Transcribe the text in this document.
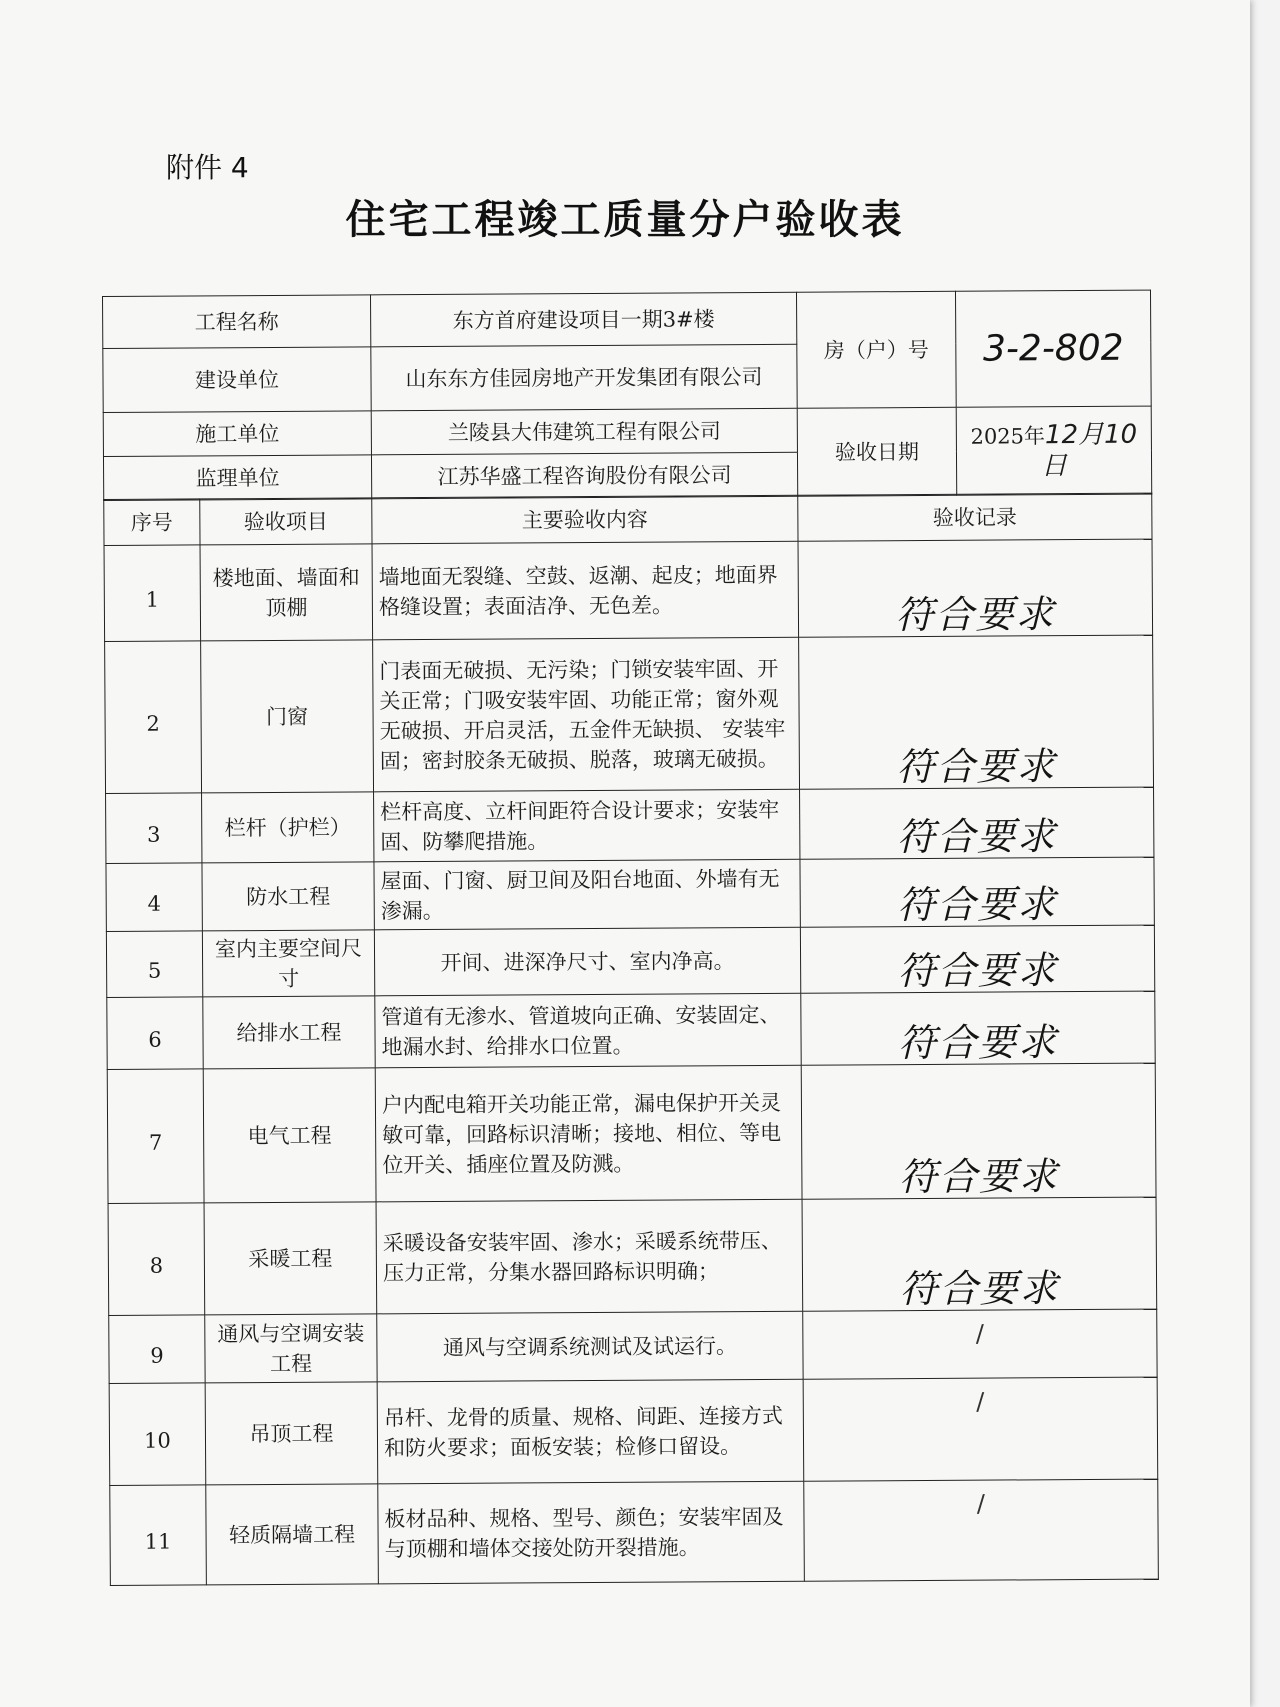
附件 4
住宅工程竣工质量分户验收表
工程名称	东方首府建设项目一期3#楼	房（户）号	3-2-802
建设单位	山东东方佳园房地产开发集团有限公司		
施工单位	兰陵县大伟建筑工程有限公司	验收日期	2025年12月10日
监理单位	江苏华盛工程咨询股份有限公司		
序号	验收项目	主要验收内容	验收记录
1	楼地面、墙面和顶棚	墙地面无裂缝、空鼓、返潮、起皮；地面界格缝设置；表面洁净、无色差。	符合要求
2	门窗	门表面无破损、无污染；门锁安装牢固、开关正常；门吸安装牢固、功能正常；窗外观无破损、开启灵活，五金件无缺损、 安装牢固；密封胶条无破损、脱落，玻璃无破损。	符合要求
3	栏杆（护栏）	栏杆高度、立杆间距符合设计要求；安装牢固、防攀爬措施。	符合要求
4	防水工程	屋面、门窗、厨卫间及阳台地面、外墙有无渗漏。	符合要求
5	室内主要空间尺寸	开间、进深净尺寸、室内净高。	符合要求
6	给排水工程	管道有无渗水、管道坡向正确、安装固定、地漏水封、给排水口位置。	符合要求
7	电气工程	户内配电箱开关功能正常，漏电保护开关灵敏可靠，回路标识清晰；接地、相位、等电位开关、插座位置及防溅。	符合要求
8	采暖工程	采暖设备安装牢固、渗水；采暖系统带压、压力正常，分集水器回路标识明确；	符合要求
9	通风与空调安装工程	通风与空调系统测试及试运行。	/
10	吊顶工程	吊杆、龙骨的质量、规格、间距、连接方式和防火要求；面板安装；检修口留设。	/
11	轻质隔墙工程	板材品种、规格、型号、颜色；安装牢固及与顶棚和墙体交接处防开裂措施。	/
